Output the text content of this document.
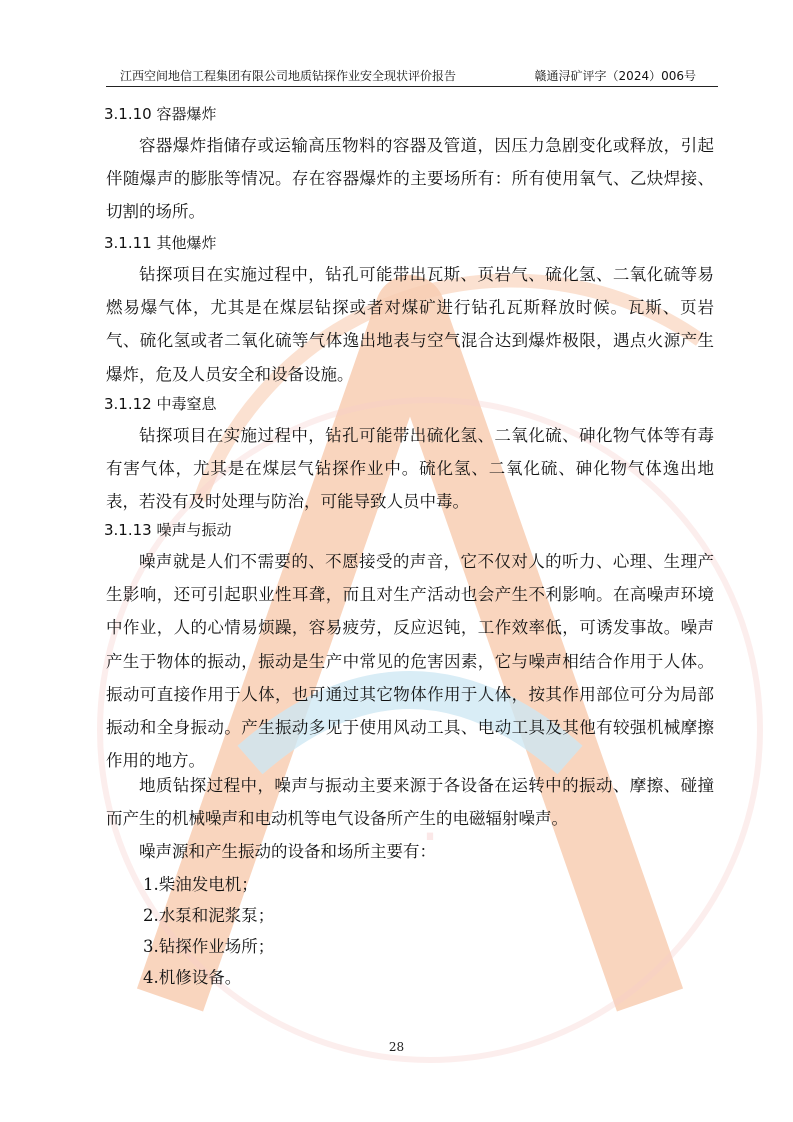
江西空间地信工程集团有限公司地质钻探作业安全现状评价报告	赣通浔矿评字（2024）006号
.
3.1.10 容器爆炸
容器爆炸指储存或运输高压物料的容器及管道，因压力急剧变化或释放，引起伴随爆声的膨胀等情况。存在容器爆炸的主要场所有：所有使用氧气、乙炔焊接、切割的场所。
3.1.11 其他爆炸
钻探项目在实施过程中，钻孔可能带出瓦斯、页岩气、硫化氢、二氧化硫等易燃易爆气体，尤其是在煤层钻探或者对煤矿进行钻孔瓦斯释放时候。瓦斯、页岩气、硫化氢或者二氧化硫等气体逸出地表与空气混合达到爆炸极限，遇点火源产生爆炸，危及人员安全和设备设施。
3.1.12 中毒窒息
钻探项目在实施过程中，钻孔可能带出硫化氢、二氧化硫、砷化物气体等有毒有害气体，尤其是在煤层气钻探作业中。硫化氢、二氧化硫、砷化物气体逸出地表，若没有及时处理与防治，可能导致人员中毒。
3.1.13 噪声与振动
噪声就是人们不需要的、不愿接受的声音，它不仅对人的听力、心理、生理产生影响，还可引起职业性耳聋，而且对生产活动也会产生不利影响。在高噪声环境中作业，人的心情易烦躁，容易疲劳，反应迟钝，工作效率低，可诱发事故。噪声产生于物体的振动，振动是生产中常见的危害因素，它与噪声相结合作用于人体。振动可直接作用于人体，也可通过其它物体作用于人体，按其作用部位可分为局部振动和全身振动。产生振动多见于使用风动工具、电动工具及其他有较强机械摩擦作用的地方。
地质钻探过程中，噪声与振动主要来源于各设备在运转中的振动、摩擦、碰撞而产生的机械噪声和电动机等电气设备所产生的电磁辐射噪声。
噪声源和产生振动的设备和场所主要有：
1.柴油发电机；
2.水泵和泥浆泵；
3.钻探作业场所；
4.机修设备。
28
